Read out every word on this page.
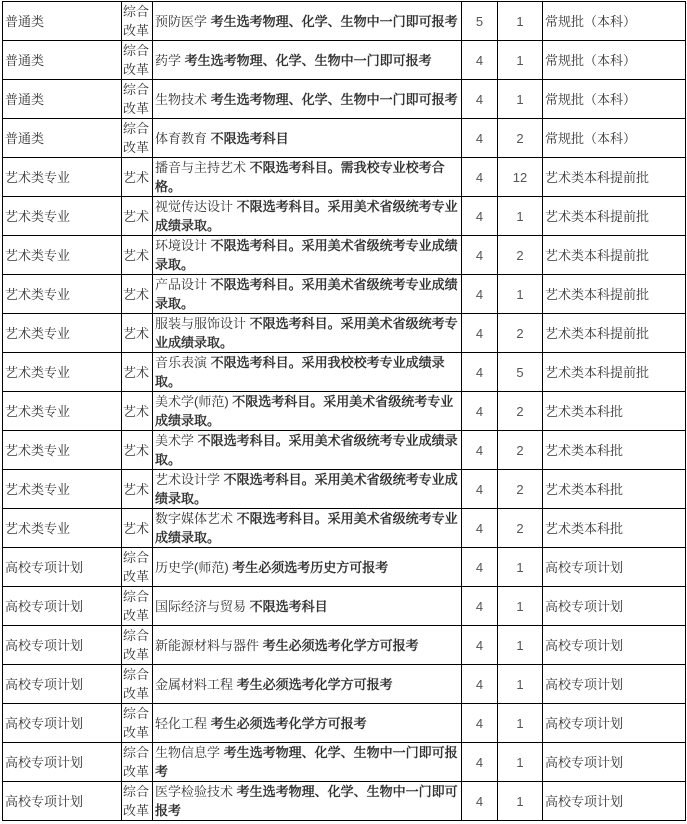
普通类	综合改革	预防医学 考生选考物理、化学、生物中一门即可报考	5	1	常规批（本科）
普通类	综合改革	药学 考生选考物理、化学、生物中一门即可报考	4	1	常规批（本科）
普通类	综合改革	生物技术 考生选考物理、化学、生物中一门即可报考	4	1	常规批（本科）
普通类	综合改革	体育教育 不限选考科目	4	2	常规批（本科）
艺术类专业	艺术	播音与主持艺术 不限选考科目。需我校专业校考合格。	4	12	艺术类本科提前批
艺术类专业	艺术	视觉传达设计 不限选考科目。采用美术省级统考专业成绩录取。	4	1	艺术类本科提前批
艺术类专业	艺术	环境设计 不限选考科目。采用美术省级统考专业成绩录取。	4	2	艺术类本科提前批
艺术类专业	艺术	产品设计 不限选考科目。采用美术省级统考专业成绩录取。	4	1	艺术类本科提前批
艺术类专业	艺术	服装与服饰设计 不限选考科目。采用美术省级统考专业成绩录取。	4	2	艺术类本科提前批
艺术类专业	艺术	音乐表演 不限选考科目。采用我校校考专业成绩录取。	4	5	艺术类本科提前批
艺术类专业	艺术	美术学(师范) 不限选考科目。采用美术省级统考专业成绩录取。	4	2	艺术类本科批
艺术类专业	艺术	美术学 不限选考科目。采用美术省级统考专业成绩录取。	4	2	艺术类本科批
艺术类专业	艺术	艺术设计学 不限选考科目。采用美术省级统考专业成绩录取。	4	2	艺术类本科批
艺术类专业	艺术	数字媒体艺术 不限选考科目。采用美术省级统考专业成绩录取。	4	2	艺术类本科批
高校专项计划	综合改革	历史学(师范) 考生必须选考历史方可报考	4	1	高校专项计划
高校专项计划	综合改革	国际经济与贸易 不限选考科目	4	1	高校专项计划
高校专项计划	综合改革	新能源材料与器件 考生必须选考化学方可报考	4	1	高校专项计划
高校专项计划	综合改革	金属材料工程 考生必须选考化学方可报考	4	1	高校专项计划
高校专项计划	综合改革	轻化工程 考生必须选考化学方可报考	4	1	高校专项计划
高校专项计划	综合改革	生物信息学 考生选考物理、化学、生物中一门即可报考	4	1	高校专项计划
高校专项计划	综合改革	医学检验技术 考生选考物理、化学、生物中一门即可报考	4	1	高校专项计划
